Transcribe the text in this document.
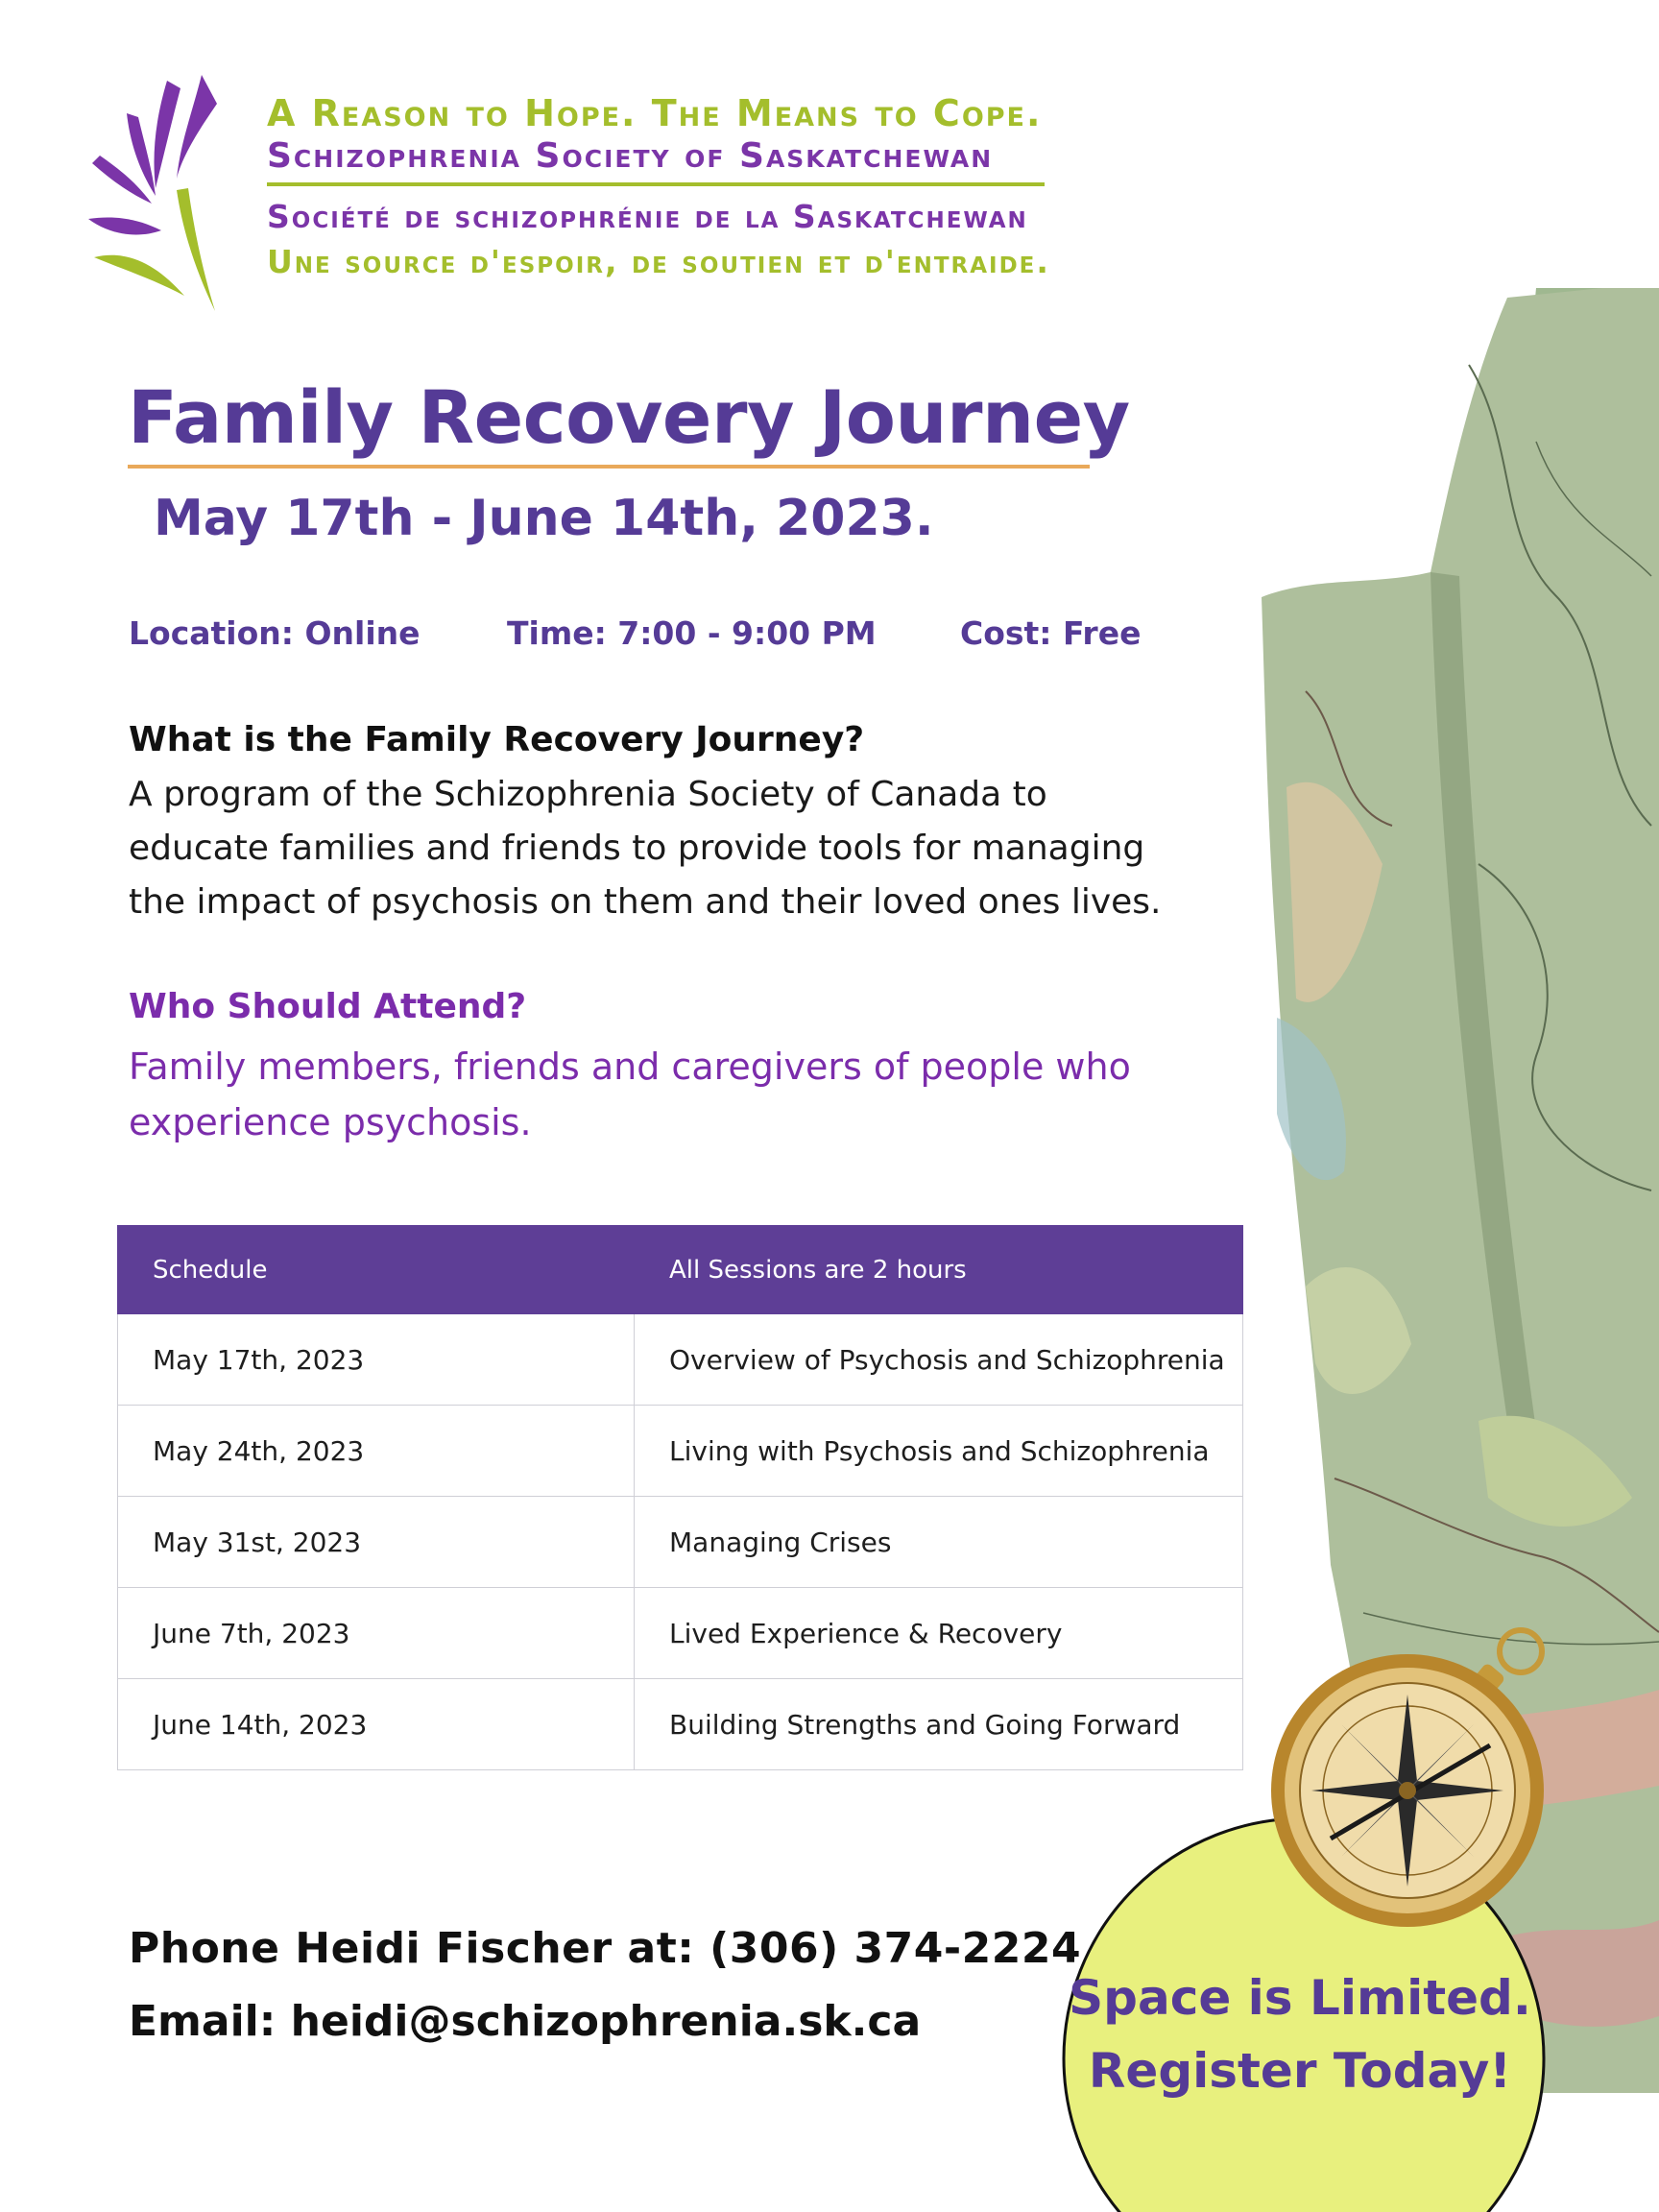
A Reason to Hope. The Means to Cope.
Schizophrenia Society of Saskatchewan
Société de schizophrénie de la Saskatchewan
Une source d'espoir, de soutien et d'entraide.
Family Recovery Journey
May 17th - June 14th, 2023.
Location: Online	Time: 7:00 - 9:00 PM	Cost: Free
What is the Family Recovery Journey?
A program of the Schizophrenia Society of Canada to educate families and friends to provide tools for managing the impact of psychosis on them and their loved ones lives.
Who Should Attend?
Family members, friends and caregivers of people who experience psychosis.
Schedule	All Sessions are 2 hours
May 17th, 2023	Overview of Psychosis and Schizophrenia
May 24th, 2023	Living with Psychosis and Schizophrenia
May 31st, 2023	Managing Crises
June 7th, 2023	Lived Experience & Recovery
June 14th, 2023	Building Strengths and Going Forward
Phone Heidi Fischer at: (306) 374-2224
Email: heidi@schizophrenia.sk.ca	Space is Limited.
Register Today!
